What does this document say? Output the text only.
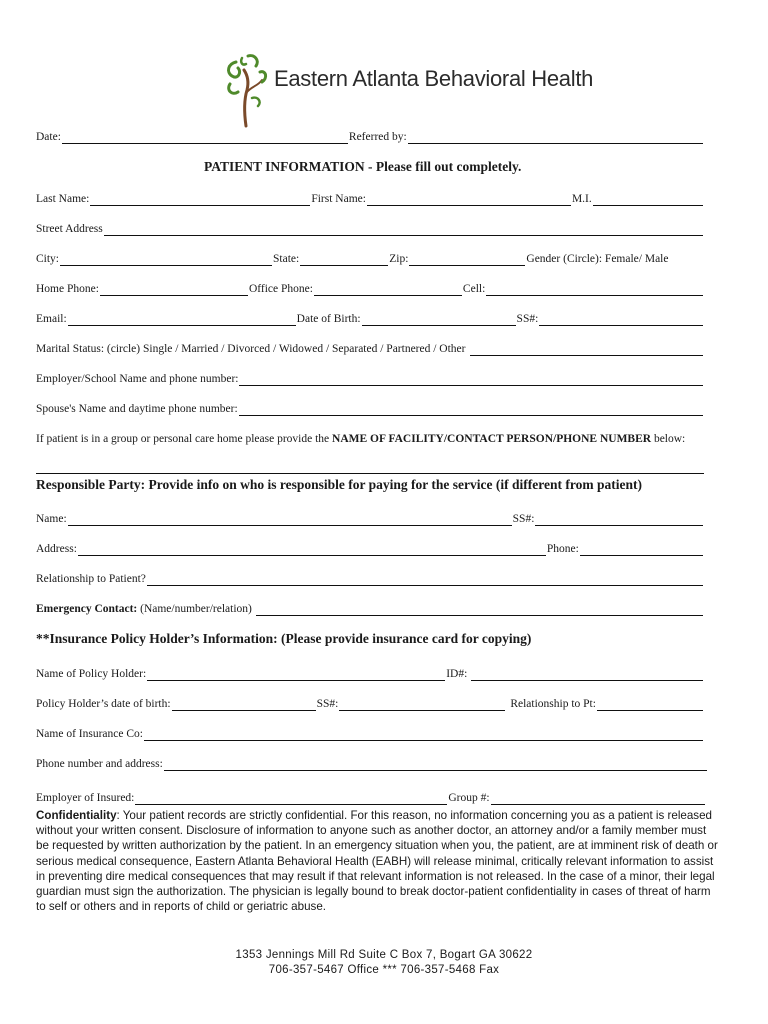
Eastern Atlanta Behavioral Health
Date:	Referred by:
PATIENT INFORMATION - Please fill out completely.
Last Name:	First Name:	M.I.
Street Address
City:	State:	Zip:	Gender (Circle): Female/ Male
Home Phone:	Office Phone:	Cell:
Email:	Date of Birth:	SS#:
Marital Status: (circle) Single / Married / Divorced / Widowed / Separated / Partnered / Other
Employer/School Name and phone number:
Spouse's Name and daytime phone number:
If patient is in a group or personal care home please provide the NAME OF FACILITY/CONTACT PERSON/PHONE NUMBER below:
Responsible Party: Provide info on who is responsible for paying for the service (if different from patient)
Name:	SS#:
Address:	Phone:
Relationship to Patient?
Emergency Contact: (Name/number/relation)
**Insurance Policy Holder’s Information: (Please provide insurance card for copying)
Name of Policy Holder:	ID#:
Policy Holder’s date of birth:	SS#:	Relationship to Pt:
Name of Insurance Co:
Phone number and address:
Employer of Insured:	Group #:
Confidentiality: Your patient records are strictly confidential. For this reason, no information concerning you as a patient is released without your written consent. Disclosure of information to anyone such as another doctor, an attorney and/or a family member must be requested by written authorization by the patient. In an emergency situation when you, the patient, are at imminent risk of death or serious medical consequence, Eastern Atlanta Behavioral Health (EABH) will release minimal, critically relevant information to assist in preventing dire medical consequences that may result if that relevant information is not released. In the case of a minor, their legal guardian must sign the authorization. The physician is legally bound to break doctor-patient confidentiality in cases of threat of harm to self or others and in reports of child or geriatric abuse.
1353 Jennings Mill Rd Suite C Box 7, Bogart GA 30622
706-357-5467 Office *** 706-357-5468 Fax
